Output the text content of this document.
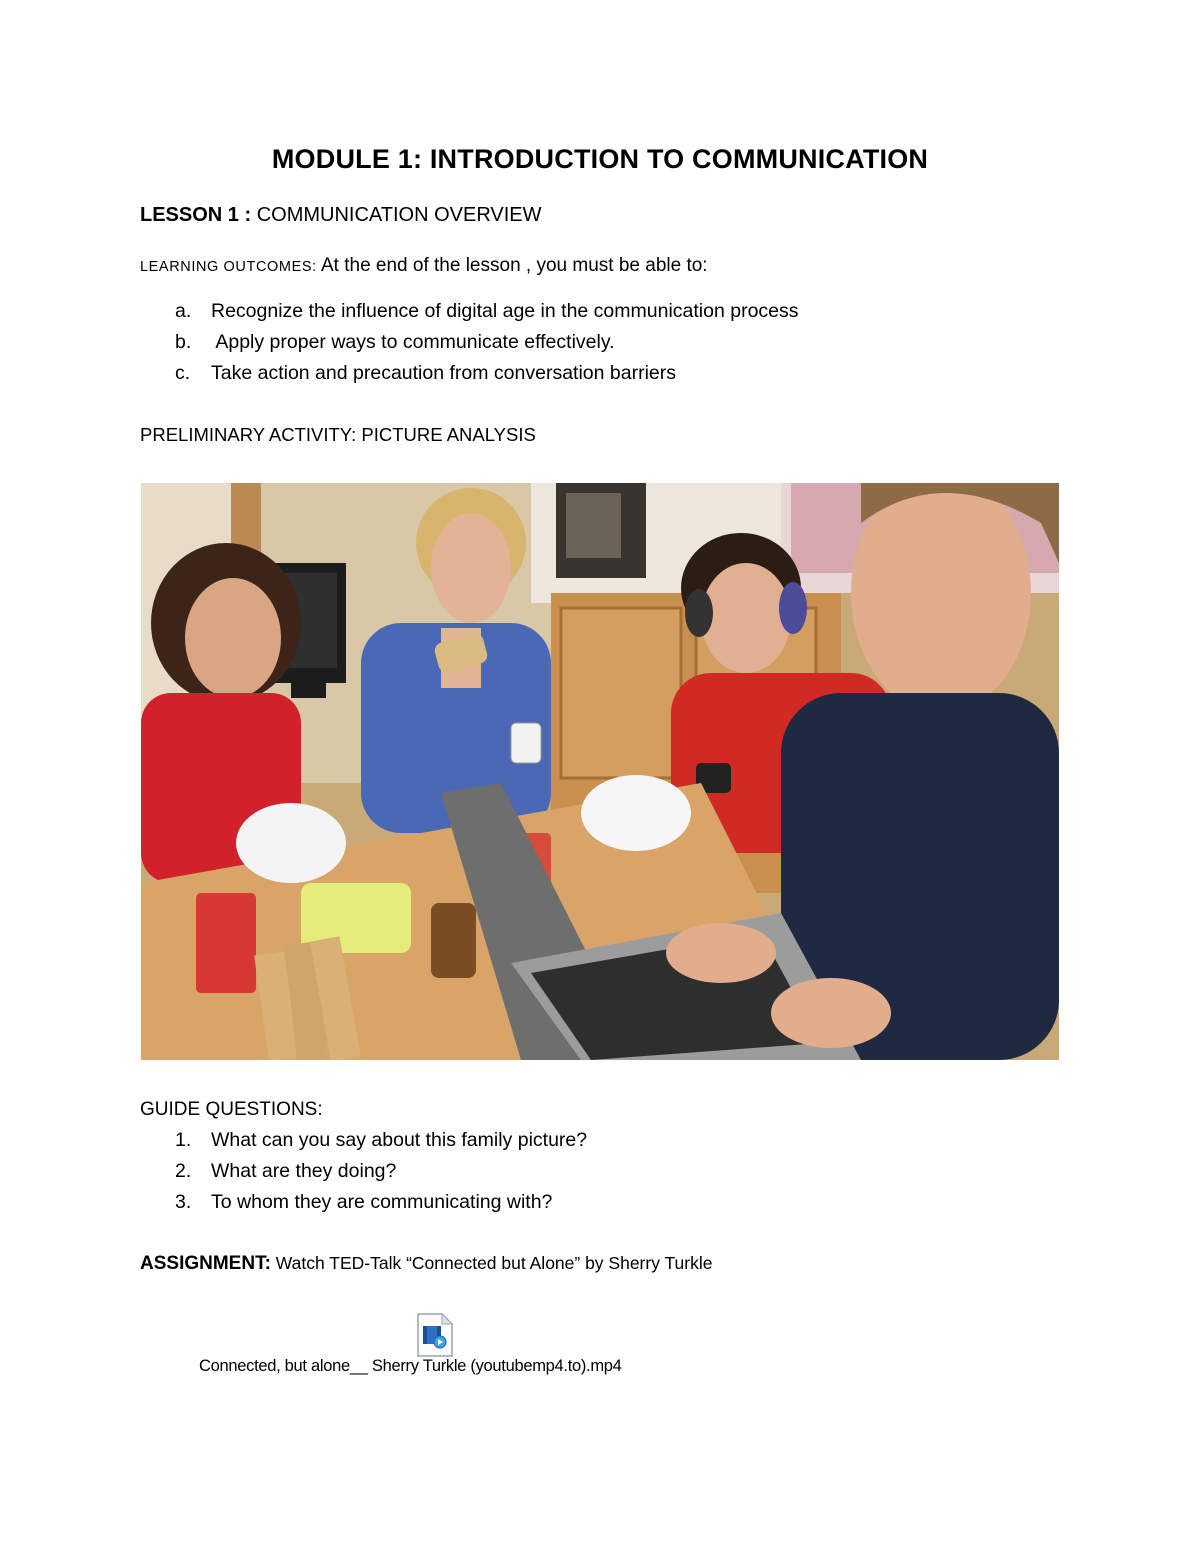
MODULE 1: INTRODUCTION TO COMMUNICATION
LESSON 1 : COMMUNICATION OVERVIEW
LEARNING OUTCOMES: At the end of the lesson , you must be able to:
a. Recognize the influence of digital age in the communication process
b. Apply proper ways to communicate effectively.
c. Take action and precaution from conversation barriers
PRELIMINARY ACTIVITY: PICTURE ANALYSIS
GUIDE QUESTIONS:
1. What can you say about this family picture?
2. What are they doing?
3. To whom they are communicating with?
ASSIGNMENT: Watch TED-Talk “Connected but Alone” by Sherry Turkle
Connected, but alone__ Sherry Turkle (youtubemp4.to).mp4
